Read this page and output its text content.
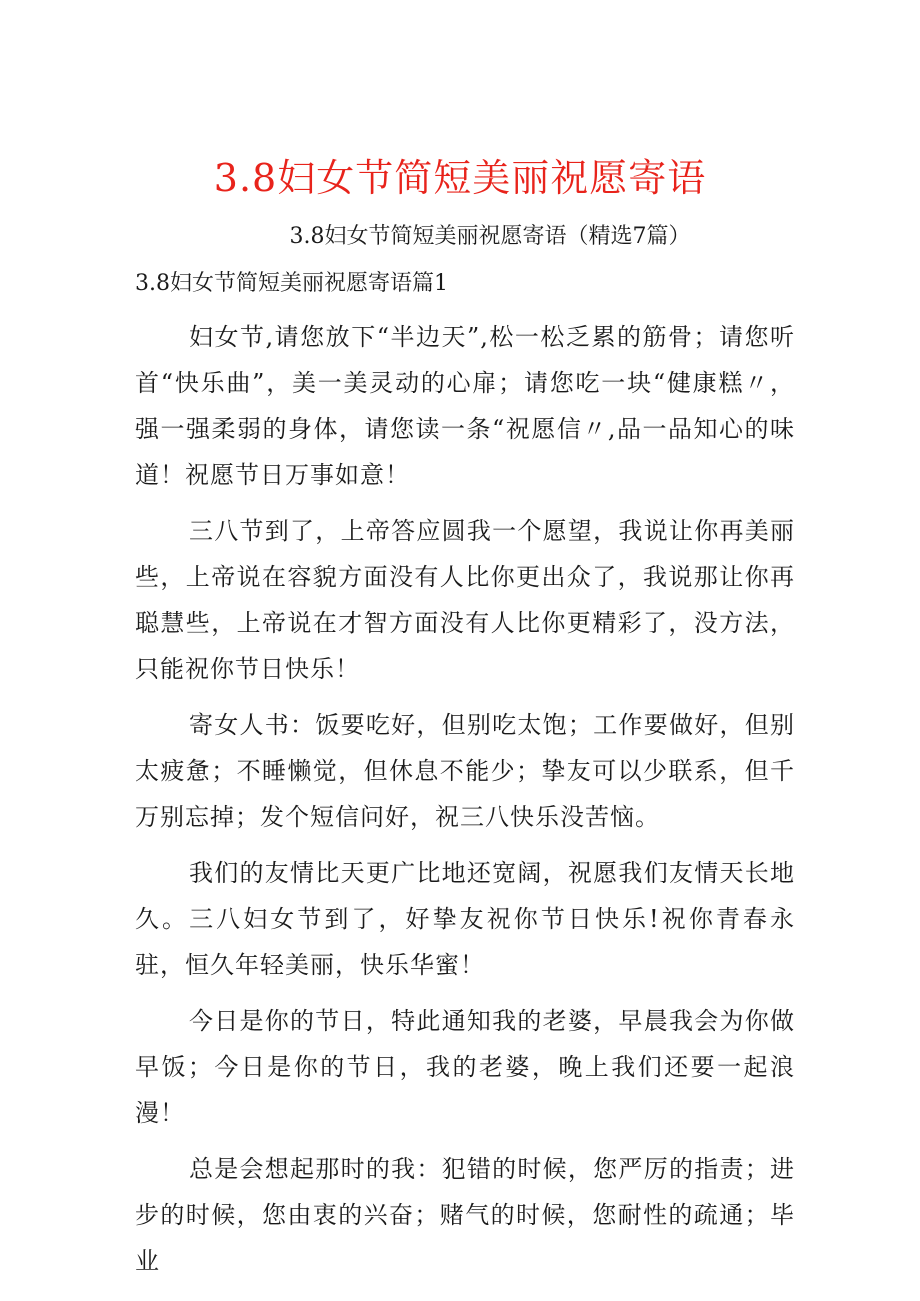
3.8妇女节简短美丽祝愿寄语

3.8妇女节简短美丽祝愿寄语（精选7篇）

3.8妇女节简短美丽祝愿寄语篇1

妇女节,请您放下“半边天”,松一松乏累的筋骨；请您听首“快乐曲”，美一美灵动的心扉；请您吃一块“健康糕〃，强一强柔弱的身体，请您读一条“祝愿信〃,品一品知心的味道！祝愿节日万事如意！

三八节到了，上帝答应圆我一个愿望，我说让你再美丽些，上帝说在容貌方面没有人比你更出众了，我说那让你再聪慧些，上帝说在才智方面没有人比你更精彩了，没方法，只能祝你节日快乐！

寄女人书：饭要吃好，但别吃太饱；工作要做好，但别太疲惫；不睡懒觉，但休息不能少；挚友可以少联系，但千万别忘掉；发个短信问好，祝三八快乐没苦恼。

我们的友情比天更广比地还宽阔，祝愿我们友情天长地久。三八妇女节到了，好挚友祝你节日快乐!祝你青春永驻，恒久年轻美丽，快乐华蜜！

今日是你的节日，特此通知我的老婆，早晨我会为你做早饭；今日是你的节日，我的老婆，晚上我们还要一起浪漫！

总是会想起那时的我：犯错的时候，您严厉的指责；进步的时候，您由衷的兴奋；赌气的时候，您耐性的疏通；毕业
